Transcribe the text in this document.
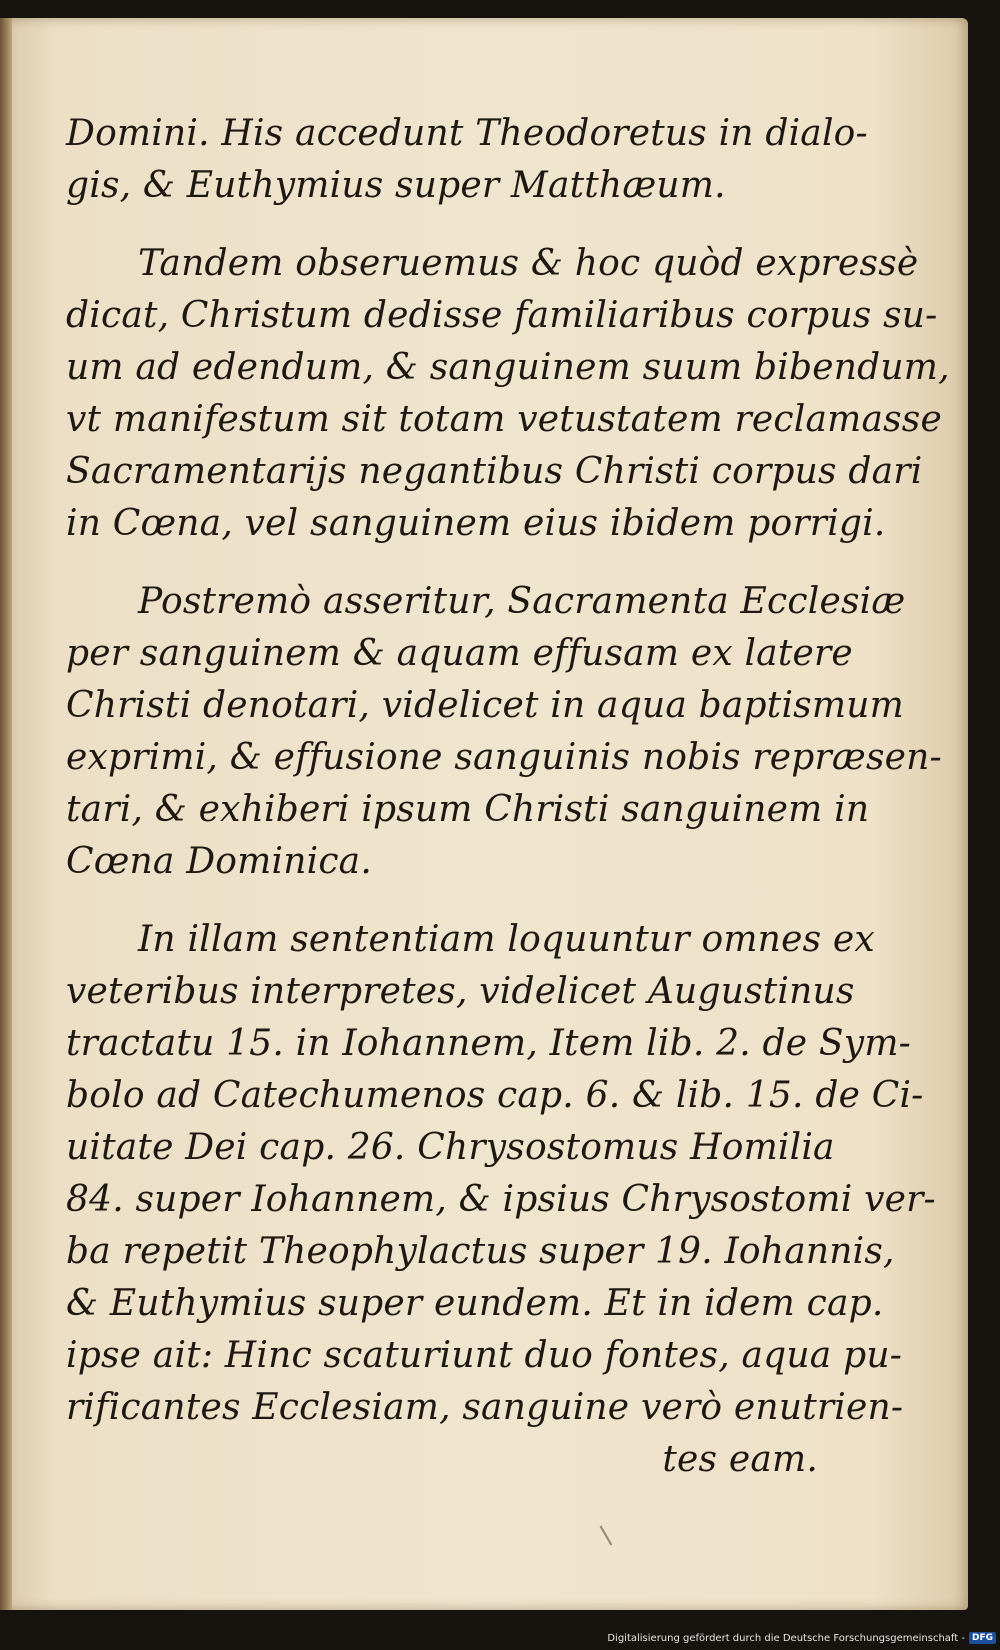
Domini. His accedunt Theodoretus in dialo-
gis, & Euthymius super Matthæum.
Tandem obseruemus & hoc quòd expressè
dicat, Christum dedisse familiaribus corpus su-
um ad edendum, & sanguinem suum bibendum,
vt manifestum sit totam vetustatem reclamasse
Sacramentarijs negantibus Christi corpus dari
in Cœna, vel sanguinem eius ibidem porrigi.
Postremò asseritur, Sacramenta Ecclesiæ
per sanguinem & aquam effusam ex latere
Christi denotari, videlicet in aqua baptismum
exprimi, & effusione sanguinis nobis repræsen-
tari, & exhiberi ipsum Christi sanguinem in
Cœna Dominica.
In illam sententiam loquuntur omnes ex
veteribus interpretes, videlicet Augustinus
tractatu 15. in Iohannem, Item lib. 2. de Sym-
bolo ad Catechumenos cap. 6. & lib. 15. de Ci-
uitate Dei cap. 26. Chrysostomus Homilia
84. super Iohannem, & ipsius Chrysostomi ver-
ba repetit Theophylactus super 19. Iohannis,
& Euthymius super eundem. Et in idem cap.
ipse ait: Hinc scaturiunt duo fontes, aqua pu-
rificantes Ecclesiam, sanguine verò enutrien-
tes eam.
Digitalisierung gefördert durch die Deutsche Forschungsgemeinschaft - DFG
